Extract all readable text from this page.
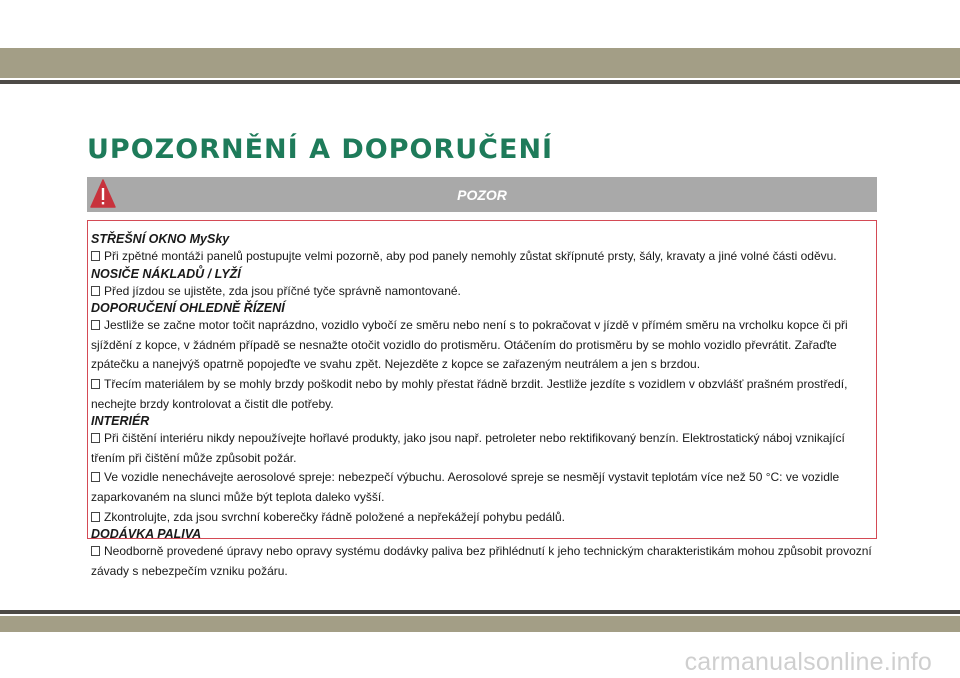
UPOZORNĚNÍ A DOPORUČENÍ
POZOR
STŘEŠNÍ OKNO MySky
Při zpětné montáži panelů postupujte velmi pozorně, aby pod panely nemohly zůstat skřípnuté prsty, šály, kravaty a jiné volné části oděvu.
NOSIČE NÁKLADŮ / LYŽÍ
Před jízdou se ujistěte, zda jsou příčné tyče správně namontované.
DOPORUČENÍ OHLEDNĚ ŘÍZENÍ
Jestliže se začne motor točit naprázdno, vozidlo vybočí ze směru nebo není s to pokračovat v jízdě v přímém směru na vrcholku kopce či při sjíždění z kopce, v žádném případě se nesnažte otočit vozidlo do protisměru. Otáčením do protisměru by se mohlo vozidlo převrátit. Zařaďte zpátečku a nanejvýš opatrně popojeďte ve svahu zpět. Nejezděte z kopce se zařazeným neutrálem a jen s brzdou.
Třecím materiálem by se mohly brzdy poškodit nebo by mohly přestat řádně brzdit. Jestliže jezdíte s vozidlem v obzvlášť prašném prostředí, nechejte brzdy kontrolovat a čistit dle potřeby.
INTERIÉR
Při čištění interiéru nikdy nepoužívejte hořlavé produkty, jako jsou např. petroleter nebo rektifikovaný benzín. Elektrostatický náboj vznikající třením při čištění může způsobit požár.
Ve vozidle nenechávejte aerosolové spreje: nebezpečí výbuchu. Aerosolové spreje se nesmějí vystavit teplotám více než 50 °C: ve vozidle zaparkovaném na slunci může být teplota daleko vyšší.
Zkontrolujte, zda jsou svrchní koberečky řádně položené a nepřekážejí pohybu pedálů.
DODÁVKA PALIVA
Neodborně provedené úpravy nebo opravy systému dodávky paliva bez přihlédnutí k jeho technickým charakteristikám mohou způsobit provozní závady s nebezpečím vzniku požáru.
carmanualsonline.info
